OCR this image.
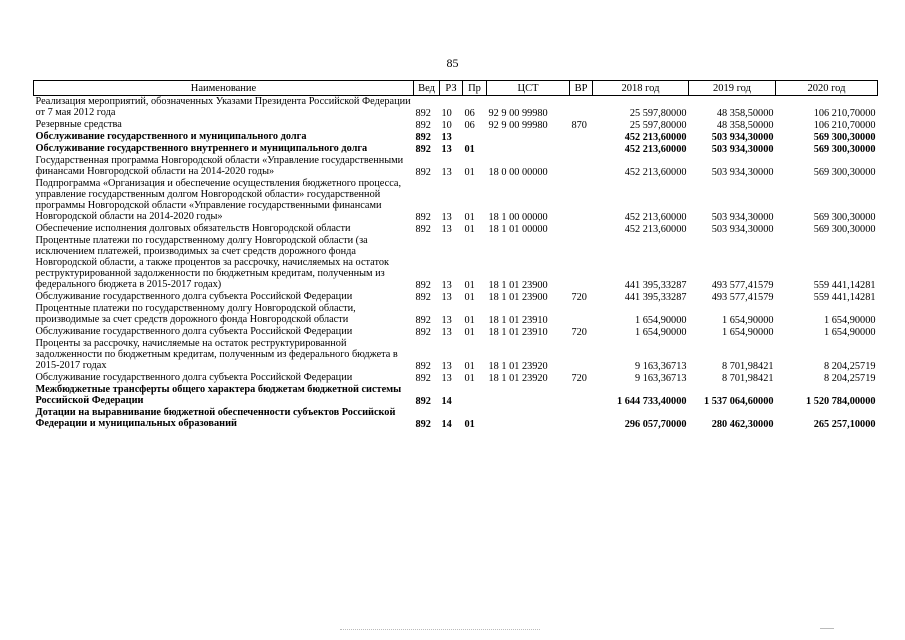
85
Наименование	Вед	РЗ	Пр	ЦСТ	ВР	2018 год	2019 год	2020 год
Реализация мероприятий, обозначенных Указами Президента Российской Федерации от 7 мая 2012 года	892	10	06	92 9 00 99980		25 597,80000	48 358,50000	106 210,70000
Резервные средства	892	10	06	92 9 00 99980	870	25 597,80000	48 358,50000	106 210,70000
Обслуживание государственного и муниципального долга	892	13				452 213,60000	503 934,30000	569 300,30000
Обслуживание государственного внутреннего и муниципального долга	892	13	01			452 213,60000	503 934,30000	569 300,30000
Государственная программа Новгородской области «Управление государственными финансами Новгородской области на 2014-2020 годы»	892	13	01	18 0 00 00000		452 213,60000	503 934,30000	569 300,30000
Подпрограмма «Организация и обеспечение осуществления бюджетного процесса, управление государственным долгом Новгородской области» государственной программы Новгородской области «Управление государственными финансами Новгородской области на 2014-2020 годы»	892	13	01	18 1 00 00000		452 213,60000	503 934,30000	569 300,30000
Обеспечение исполнения долговых обязательств Новгородской области	892	13	01	18 1 01 00000		452 213,60000	503 934,30000	569 300,30000
Процентные платежи по государственному долгу Новгородской области (за исключением платежей, производимых за счет средств дорожного фонда Новгородской области, а также процентов за рассрочку, начисляемых на остаток реструктурированной задолженности по бюджетным кредитам, полученным из федерального бюджета в 2015-2017 годах)	892	13	01	18 1 01 23900		441 395,33287	493 577,41579	559 441,14281
Обслуживание государственного долга субъекта Российской Федерации	892	13	01	18 1 01 23900	720	441 395,33287	493 577,41579	559 441,14281
Процентные платежи по государственному долгу Новгородской области, производимые за счет средств дорожного фонда Новгородской области	892	13	01	18 1 01 23910		1 654,90000	1 654,90000	1 654,90000
Обслуживание государственного долга субъекта Российской Федерации	892	13	01	18 1 01 23910	720	1 654,90000	1 654,90000	1 654,90000
Проценты за рассрочку, начисляемые на остаток реструктурированной задолженности по бюджетным кредитам, полученным из федерального бюджета в 2015-2017 годах	892	13	01	18 1 01 23920		9 163,36713	8 701,98421	8 204,25719
Обслуживание государственного долга субъекта Российской Федерации	892	13	01	18 1 01 23920	720	9 163,36713	8 701,98421	8 204,25719
Межбюджетные трансферты общего характера бюджетам бюджетной системы Российской Федерации	892	14				1 644 733,40000	1 537 064,60000	1 520 784,00000
Дотации на выравнивание бюджетной обеспеченности субъектов Российской Федерации и муниципальных образований	892	14	01			296 057,70000	280 462,30000	265 257,10000
